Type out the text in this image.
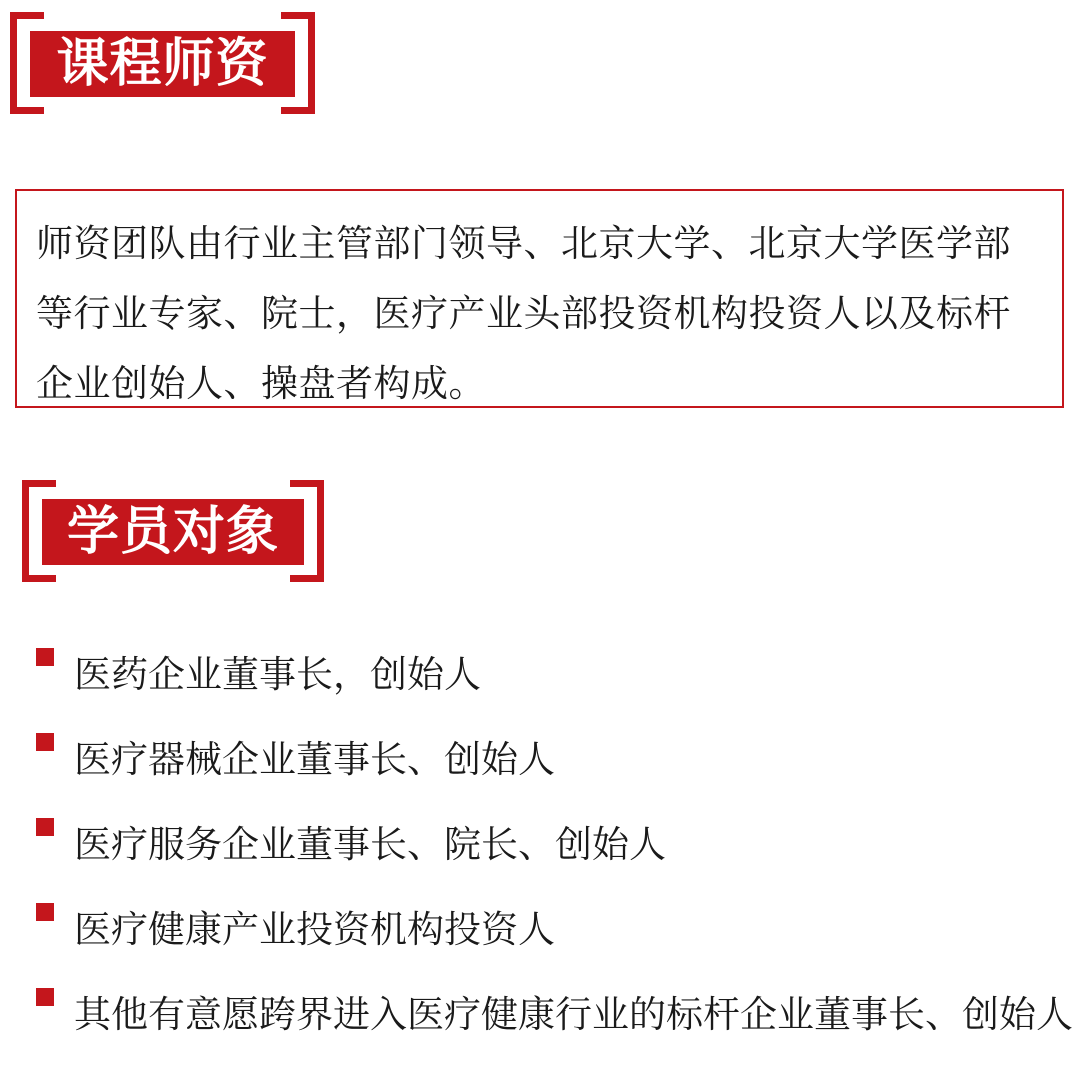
课程师资

师资团队由行业主管部门领导、北京大学、北京大学医学部等行业专家、院士，医疗产业头部投资机构投资人以及标杆企业创始人、操盘者构成。

学员对象
医药企业董事长，创始人
医疗器械企业董事长、创始人
医疗服务企业董事长、院长、创始人
医疗健康产业投资机构投资人
其他有意愿跨界进入医疗健康行业的标杆企业董事长、创始人
